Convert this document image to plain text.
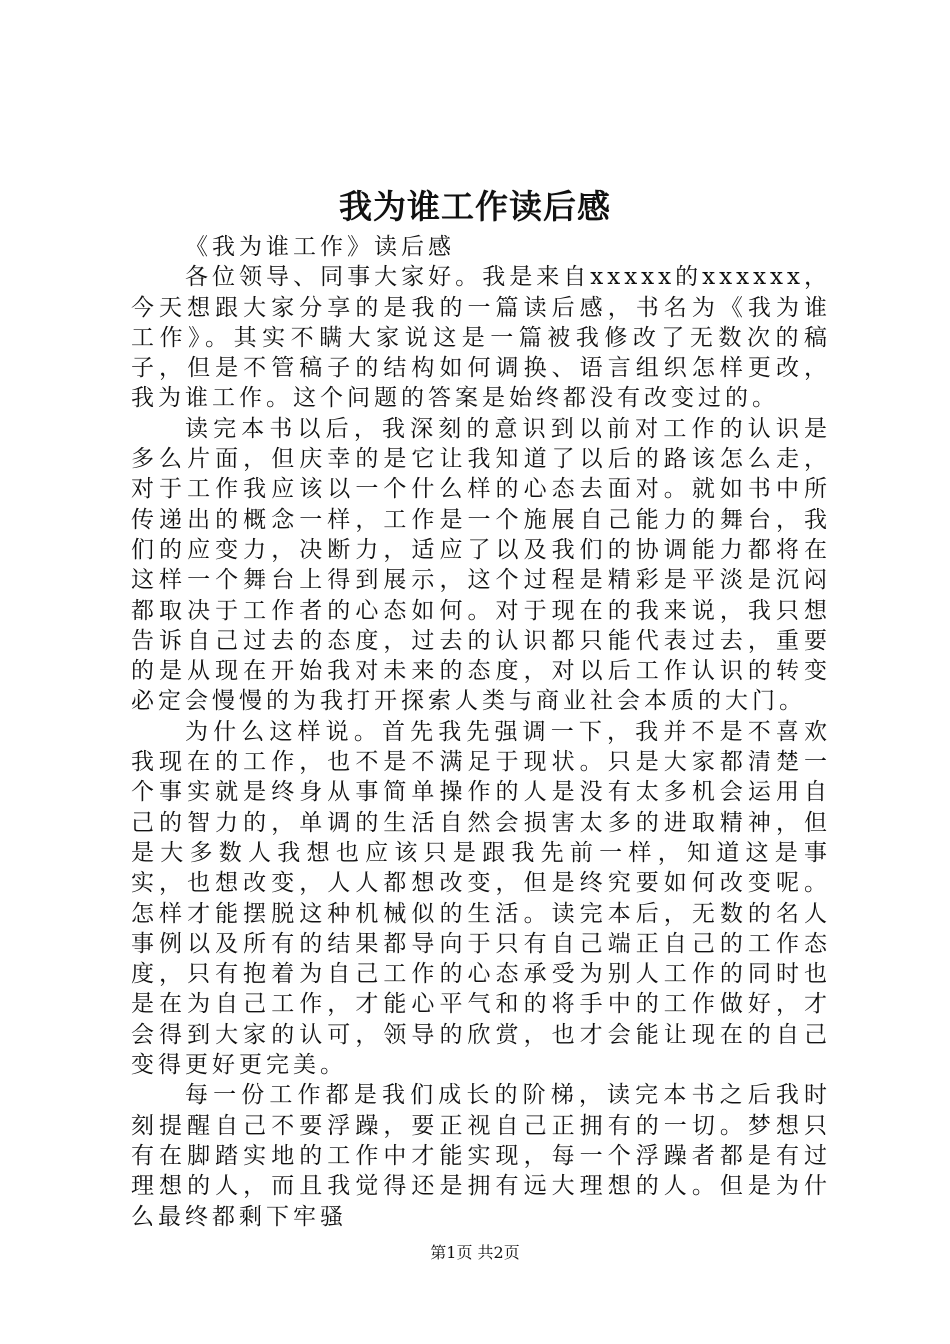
我为谁工作读后感

《我为谁工作》读后感

各位领导、同事大家好。我是来自xxxxx的xxxxxx，今天想跟大家分享的是我的一篇读后感，书名为《我为谁工作》。其实不瞒大家说这是一篇被我修改了无数次的稿子，但是不管稿子的结构如何调换、语言组织怎样更改，我为谁工作。这个问题的答案是始终都没有改变过的。

读完本书以后，我深刻的意识到以前对工作的认识是多么片面，但庆幸的是它让我知道了以后的路该怎么走，对于工作我应该以一个什么样的心态去面对。就如书中所传递出的概念一样，工作是一个施展自己能力的舞台，我们的应变力，决断力，适应了以及我们的协调能力都将在这样一个舞台上得到展示，这个过程是精彩是平淡是沉闷都取决于工作者的心态如何。对于现在的我来说，我只想告诉自己过去的态度，过去的认识都只能代表过去，重要的是从现在开始我对未来的态度，对以后工作认识的转变必定会慢慢的为我打开探索人类与商业社会本质的大门。

为什么这样说。首先我先强调一下，我并不是不喜欢我现在的工作，也不是不满足于现状。只是大家都清楚一个事实就是终身从事简单操作的人是没有太多机会运用自己的智力的，单调的生活自然会损害太多的进取精神，但是大多数人我想也应该只是跟我先前一样，知道这是事实，也想改变，人人都想改变，但是终究要如何改变呢。怎样才能摆脱这种机械似的生活。读完本后，无数的名人事例以及所有的结果都导向于只有自己端正自己的工作态度，只有抱着为自己工作的心态承受为别人工作的同时也是在为自己工作，才能心平气和的将手中的工作做好，才会得到大家的认可，领导的欣赏，也才会能让现在的自己变得更好更完美。

每一份工作都是我们成长的阶梯，读完本书之后我时刻提醒自己不要浮躁，要正视自己正拥有的一切。梦想只有在脚踏实地的工作中才能实现，每一个浮躁者都是有过理想的人，而且我觉得还是拥有远大理想的人。但是为什么最终都剩下牢骚

第1页 共2页
